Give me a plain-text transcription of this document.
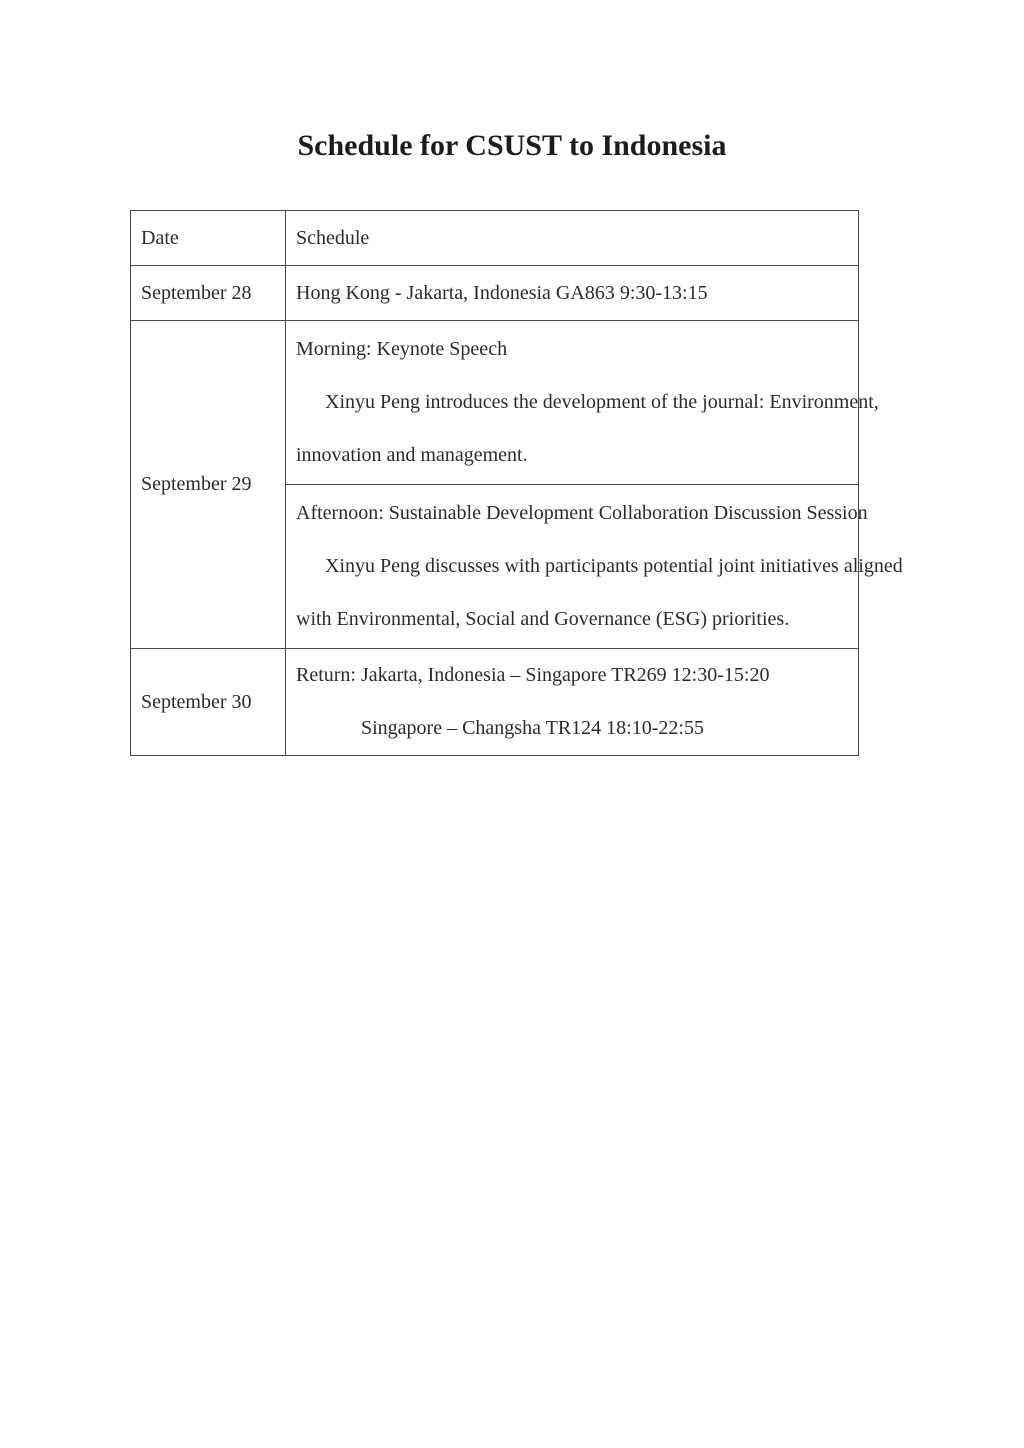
Schedule for CSUST to Indonesia
Date	Schedule
September 28	Hong Kong - Jakarta, Indonesia GA863 9:30-13:15
September 29	Morning: Keynote Speech
Xinyu Peng introduces the development of the journal: Environment,
innovation and management.

	Afternoon: Sustainable Development Collaboration Discussion Session
Xinyu Peng discusses with participants potential joint initiatives aligned
with Environmental, Social and Governance (ESG) priorities.

September 30	Return: Jakarta, Indonesia – Singapore TR269 12:30-15:20
Singapore – Changsha TR124 18:10-22:55
